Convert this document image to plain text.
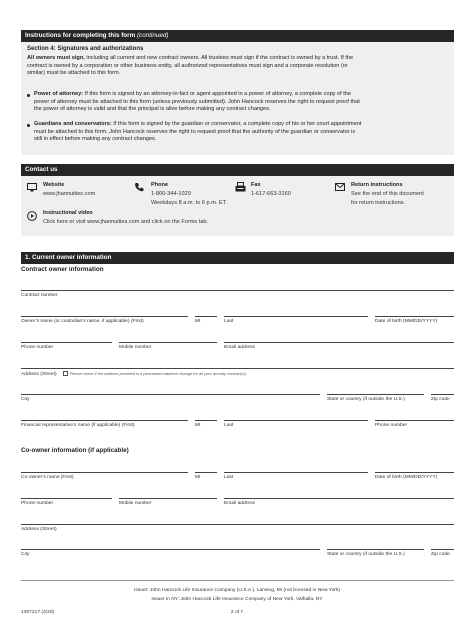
Instructions for completing this form (continued)
Section 4: Signatures and authorizations
All owners must sign, including all current and new contract owners. All trustees must sign if the contract is owned by a trust. If the
contract is owned by a corporation or other business entity, all authorized representatives must sign and a corporate resolution (or
similar) must be attached to this form.
Power of attorney: If this form is signed by an attorney-in-fact or agent appointed in a power of attorney, a complete copy of the
power of attorney must be attached to this form (unless previously submitted). John Hancock reserves the right to request proof that
the power of attorney is valid and that the principal is alive before making any contract changes.
Guardians and conservators: If this form is signed by the guardian or conservator, a complete copy of his or her court appointment
must be attached to this form. John Hancock reserves the right to request proof that the authority of the guardian or conservator is
still in effect before making any contract changes.
Contact us
Website
www.jhannuities.com
Phone
1-800-344-1029
Weekdays 8 a.m. to 6 p.m. ET
Fax
1-617-663-3160
Return instructions
See the end of this document
for return instructions.
Instructional video
Click here or visit www.jhannuities.com and click on the Forms tab.
1. Current owner information
Contract owner information
Contract number
Owner’s name (or custodian’s name, if applicable) (First)	MI	Last	Date of birth (MM/DD/YYYY)
Phone number	Mobile number	Email address
Address (Street)	Please check if the address provided is a permanent address change for all your annuity contract(s).
City	State or country (if outside the U.S.)	Zip code
Financial representative’s name (if applicable) (First)	MI	Last	Phone number
Co-owner information (if applicable)
Co-owner’s name (First)	MI	Last	Date of birth (MM/DD/YYYY)
Phone number	Mobile number	Email address
Address (Street)
City	State or country (if outside the U.S.)	Zip code
Issuer: John Hancock Life Insurance Company (U.S.A.), Lansing, MI (not licensed in New York)
Issuer in NY: John Hancock Life Insurance Company of New York, Valhalla, NY
1307217 (4/20)	2 of 7
